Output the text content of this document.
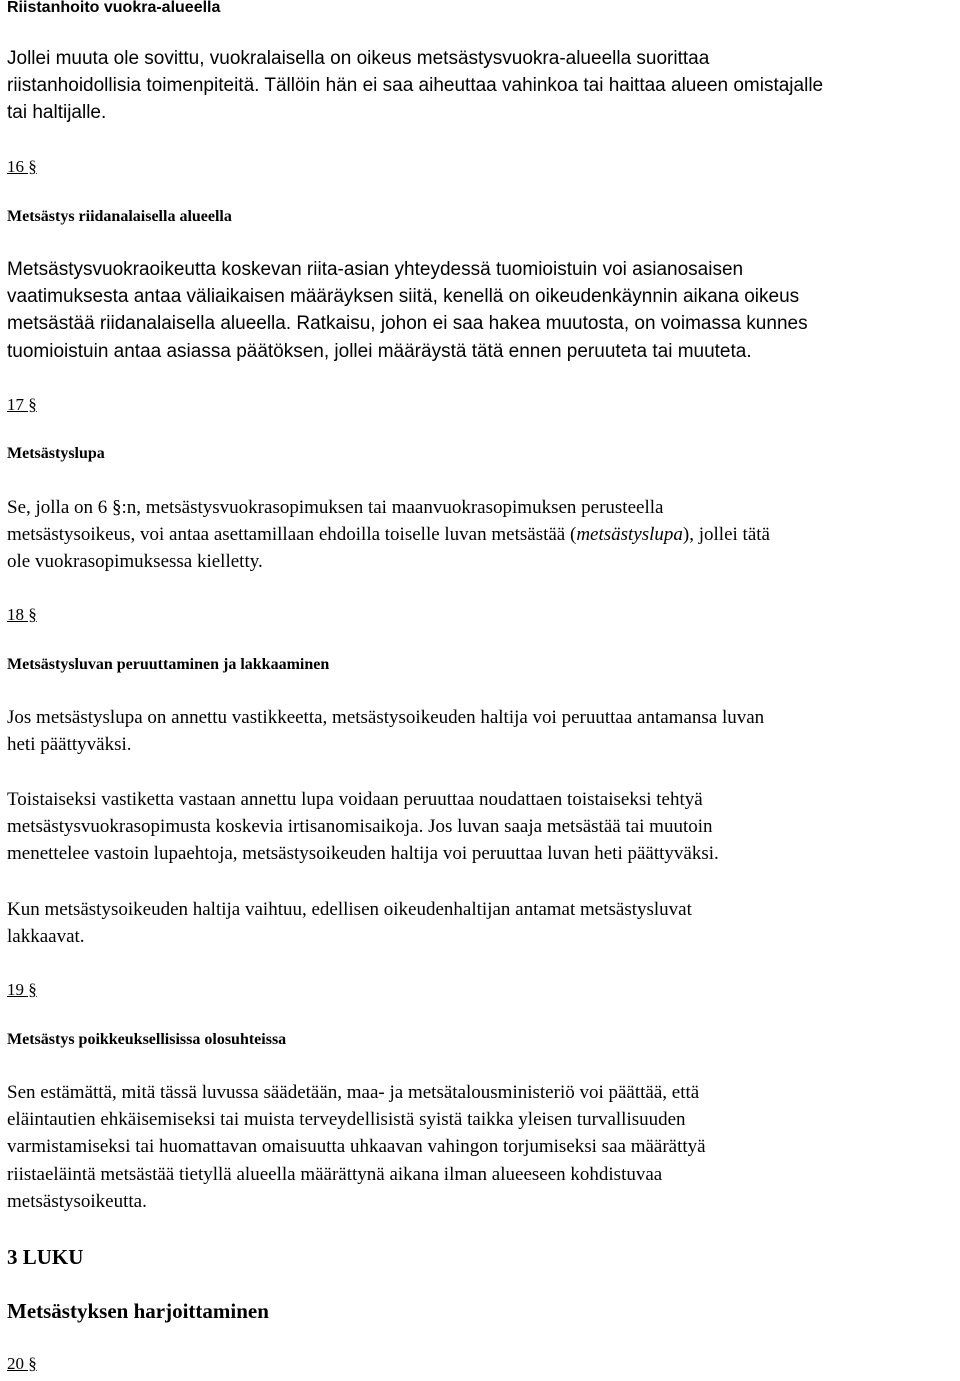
Riistanhoito vuokra-alueella

Jollei muuta ole sovittu, vuokralaisella on oikeus metsästysvuokra-alueella suorittaa
riistanhoidollisia toimenpiteitä. Tällöin hän ei saa aiheuttaa vahinkoa tai haittaa alueen omistajalle
tai haltijalle.

16 §
Metsästys riidanalaisella alueella

Metsästysvuokraoikeutta koskevan riita-asian yhteydessä tuomioistuin voi asianosaisen
vaatimuksesta antaa väliaikaisen määräyksen siitä, kenellä on oikeudenkäynnin aikana oikeus
metsästää riidanalaisella alueella. Ratkaisu, johon ei saa hakea muutosta, on voimassa kunnes
tuomioistuin antaa asiassa päätöksen, jollei määräystä tätä ennen peruuteta tai muuteta.

17 §
Metsästyslupa

Se, jolla on 6 §:n, metsästysvuokrasopimuksen tai maanvuokrasopimuksen perusteella
metsästysoikeus, voi antaa asettamillaan ehdoilla toiselle luvan metsästää (metsästyslupa), jollei tätä
ole vuokrasopimuksessa kielletty.

18 §
Metsästysluvan peruuttaminen ja lakkaaminen

Jos metsästyslupa on annettu vastikkeetta, metsästysoikeuden haltija voi peruuttaa antamansa luvan
heti päättyväksi.

Toistaiseksi vastiketta vastaan annettu lupa voidaan peruuttaa noudattaen toistaiseksi tehtyä
metsästysvuokrasopimusta koskevia irtisanomisaikoja. Jos luvan saaja metsästää tai muutoin
menettelee vastoin lupaehtoja, metsästysoikeuden haltija voi peruuttaa luvan heti päättyväksi.

Kun metsästysoikeuden haltija vaihtuu, edellisen oikeudenhaltijan antamat metsästysluvat
lakkaavat.

19 §
Metsästys poikkeuksellisissa olosuhteissa

Sen estämättä, mitä tässä luvussa säädetään, maa- ja metsätalousministeriö voi päättää, että
eläintautien ehkäisemiseksi tai muista terveydellisistä syistä taikka yleisen turvallisuuden
varmistamiseksi tai huomattavan omaisuutta uhkaavan vahingon torjumiseksi saa määrättyä
riistaeläintä metsästää tietyllä alueella määrättynä aikana ilman alueeseen kohdistuvaa
metsästysoikeutta.

3 LUKU
Metsästyksen harjoittaminen
20 §
